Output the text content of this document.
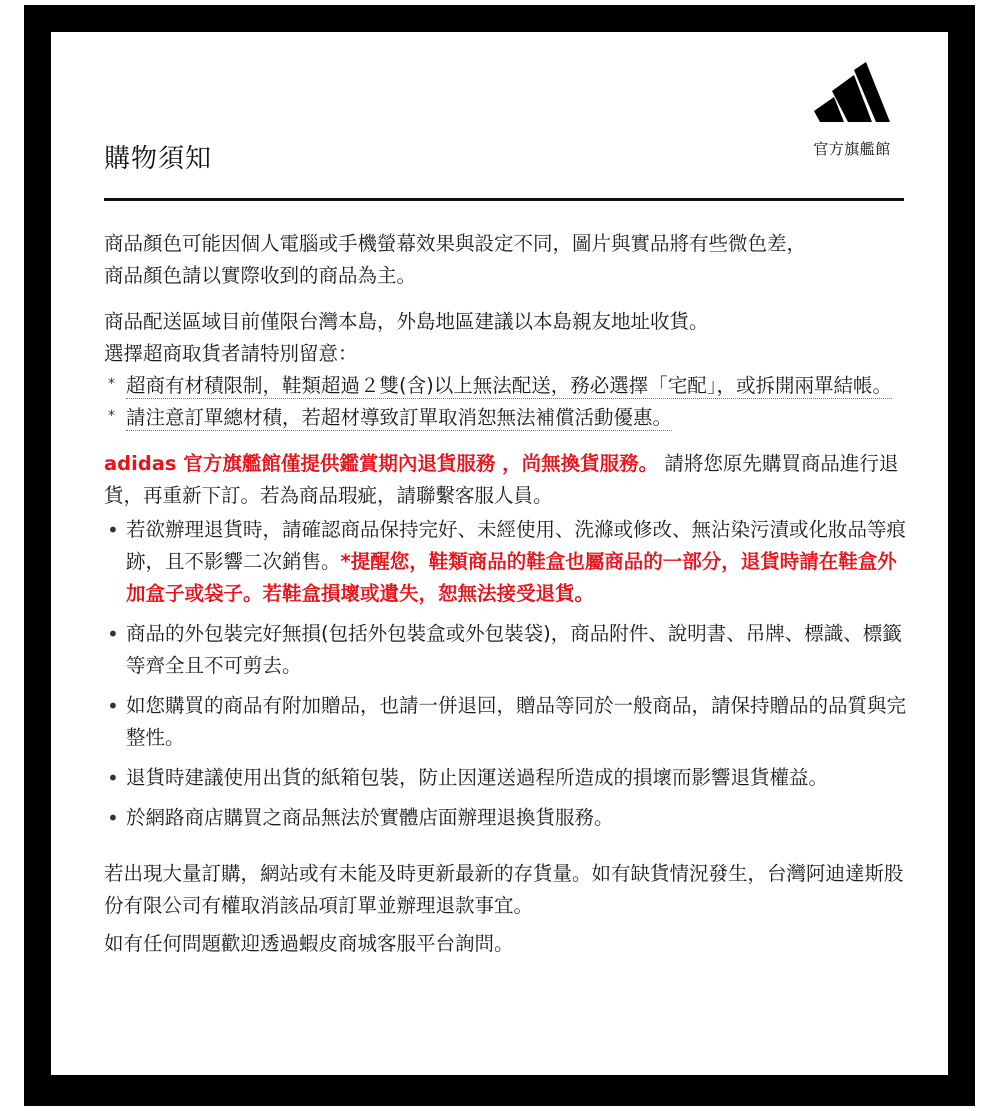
購物須知	官方旗艦館

商品顏色可能因個人電腦或手機螢幕效果與設定不同，圖片與實品將有些微色差，

商品顏色請以實際收到的商品為主。

商品配送區域目前僅限台灣本島，外島地區建議以本島親友地址收貨。

選擇超商取貨者請特別留意：

* 超商有材積限制，鞋類超過２雙(含)以上無法配送，務必選擇「宅配」，或拆開兩單結帳。
* 請注意訂單總材積，若超材導致訂單取消恕無法補償活動優惠。

adidas 官方旗艦館僅提供鑑賞期內退貨服務 ，尚無換貨服務。 請將您原先購買商品進行退貨，再重新下訂。若為商品瑕疵，請聯繫客服人員。

• 若欲辦理退貨時，請確認商品保持完好、未經使用、洗滌或修改、無沾染污漬或化妝品等痕跡，且不影響二次銷售。*提醒您，鞋類商品的鞋盒也屬商品的一部分，退貨時請在鞋盒外加盒子或袋子。若鞋盒損壞或遺失，恕無法接受退貨。
• 商品的外包裝完好無損(包括外包裝盒或外包裝袋)，商品附件、說明書、吊牌、標識、標籤等齊全且不可剪去。
• 如您購買的商品有附加贈品，也請一併退回，贈品等同於一般商品，請保持贈品的品質與完整性。
• 退貨時建議使用出貨的紙箱包裝，防止因運送過程所造成的損壞而影響退貨權益。
• 於網路商店購買之商品無法於實體店面辦理退換貨服務。

若出現大量訂購，網站或有未能及時更新最新的存貨量。如有缺貨情況發生，台灣阿迪達斯股份有限公司有權取消該品項訂單並辦理退款事宜。

如有任何問題歡迎透過蝦皮商城客服平台詢問。
